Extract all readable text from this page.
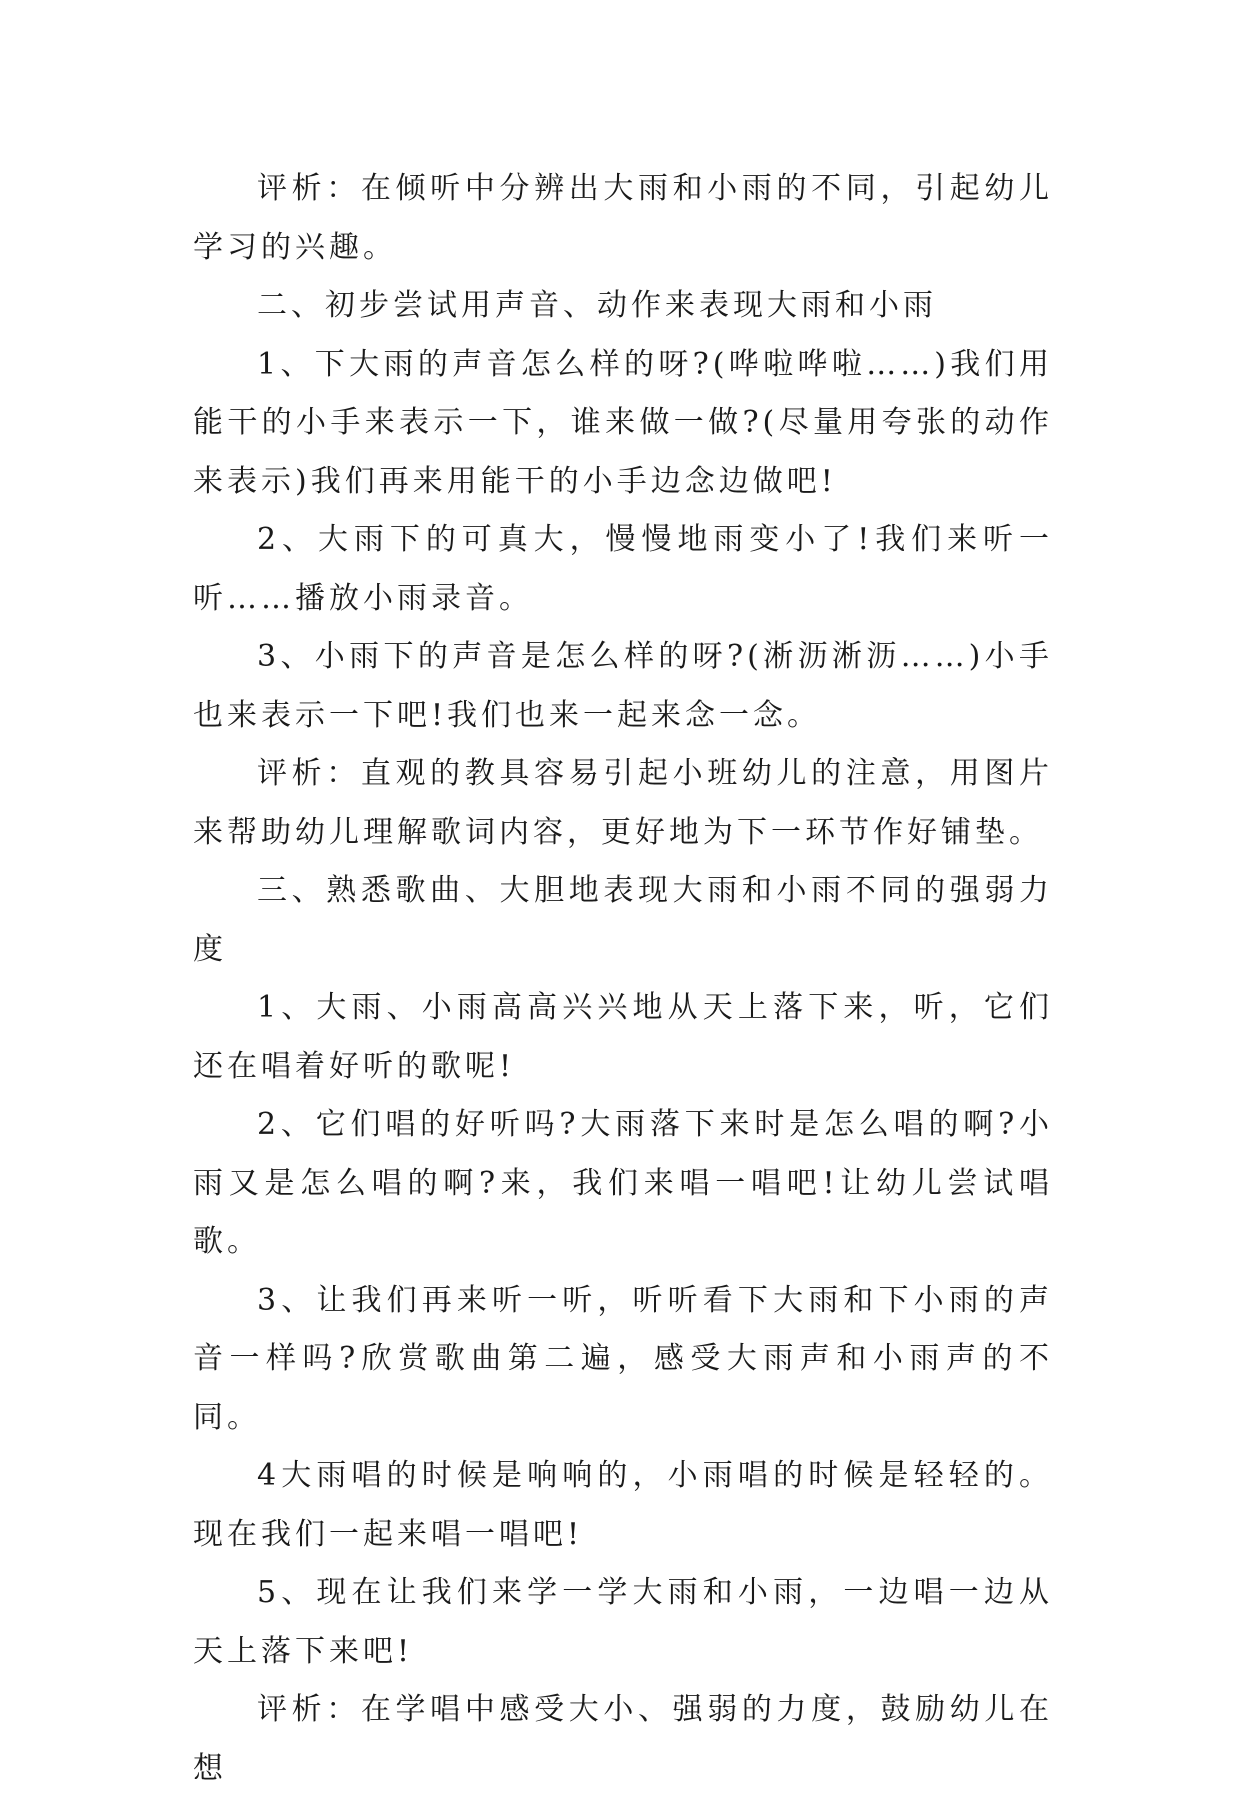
评析：在倾听中分辨出大雨和小雨的不同，引起幼儿学习的兴趣。

二、初步尝试用声音、动作来表现大雨和小雨

1、下大雨的声音怎么样的呀?(哗啦哗啦……)我们用能干的小手来表示一下，谁来做一做?(尽量用夸张的动作来表示)我们再来用能干的小手边念边做吧!

2、大雨下的可真大，慢慢地雨变小了!我们来听一听……播放小雨录音。

3、小雨下的声音是怎么样的呀?(淅沥淅沥……)小手也来表示一下吧!我们也来一起来念一念。

评析：直观的教具容易引起小班幼儿的注意，用图片来帮助幼儿理解歌词内容，更好地为下一环节作好铺垫。

三、熟悉歌曲、大胆地表现大雨和小雨不同的强弱力度

1、大雨、小雨高高兴兴地从天上落下来，听，它们还在唱着好听的歌呢!

2、它们唱的好听吗?大雨落下来时是怎么唱的啊?小雨又是怎么唱的啊?来，我们来唱一唱吧!让幼儿尝试唱歌。

3、让我们再来听一听，听听看下大雨和下小雨的声音一样吗?欣赏歌曲第二遍，感受大雨声和小雨声的不同。

4大雨唱的时候是响响的，小雨唱的时候是轻轻的。现在我们一起来唱一唱吧!

5、现在让我们来学一学大雨和小雨，一边唱一边从天上落下来吧!

评析：在学唱中感受大小、强弱的力度，鼓励幼儿在想
